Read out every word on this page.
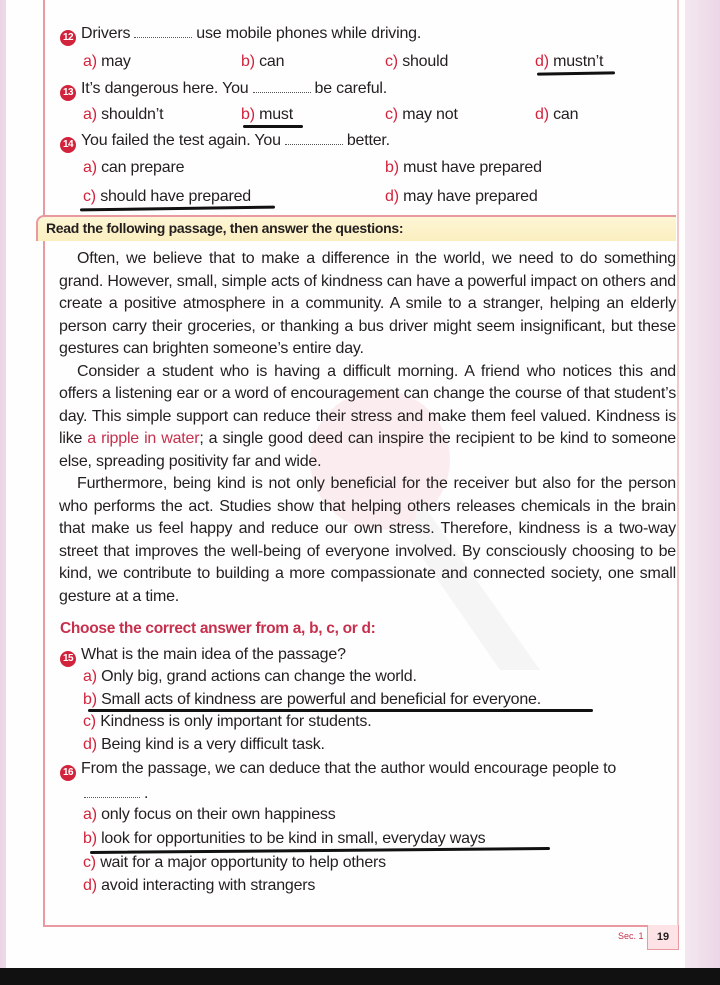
12 Drivers	use mobile phones while driving.
a) may	b) can	c) should	d) mustn’t
13 It’s dangerous here. You	be careful.
a) shouldn’t	b) must	c) may not	d) can
14 You failed the test again. You	better.
a) can prepare	b) must have prepared
c) should have prepared	d) may have prepared
Read the following passage, then answer the questions:

Often, we believe that to make a difference in the world, we need to do something grand. However, small, simple acts of kindness can have a powerful impact on others and create a positive atmosphere in a community. A smile to a stranger, helping an elderly person carry their groceries, or thanking a bus driver might seem insignificant, but these gestures can brighten someone’s entire day.

Consider a student who is having a difficult morning. A friend who notices this and offers a listening ear or a word of encouragement can change the course of that student’s day. This simple support can reduce their stress and make them feel valued. Kindness is like a ripple in water; a single good deed can inspire the recipient to be kind to someone else, spreading positivity far and wide.

Furthermore, being kind is not only beneficial for the receiver but also for the person who performs the act. Studies show that helping others releases chemicals in the brain that make us feel happy and reduce our own stress. Therefore, kindness is a two-way street that improves the well-being of everyone involved. By consciously choosing to be kind, we contribute to building a more compassionate and connected society, one small gesture at a time.

Choose the correct answer from a, b, c, or d:
15 What is the main idea of the passage?
a) Only big, grand actions can change the world.
b) Small acts of kindness are powerful and beneficial for everyone.
c) Kindness is only important for students.
d) Being kind is a very difficult task.
16 From the passage, we can deduce that the author would encourage people to
.
a) only focus on their own happiness
b) look for opportunities to be kind in small, everyday ways
c) wait for a major opportunity to help others
d) avoid interacting with strangers
Sec. 1	19
